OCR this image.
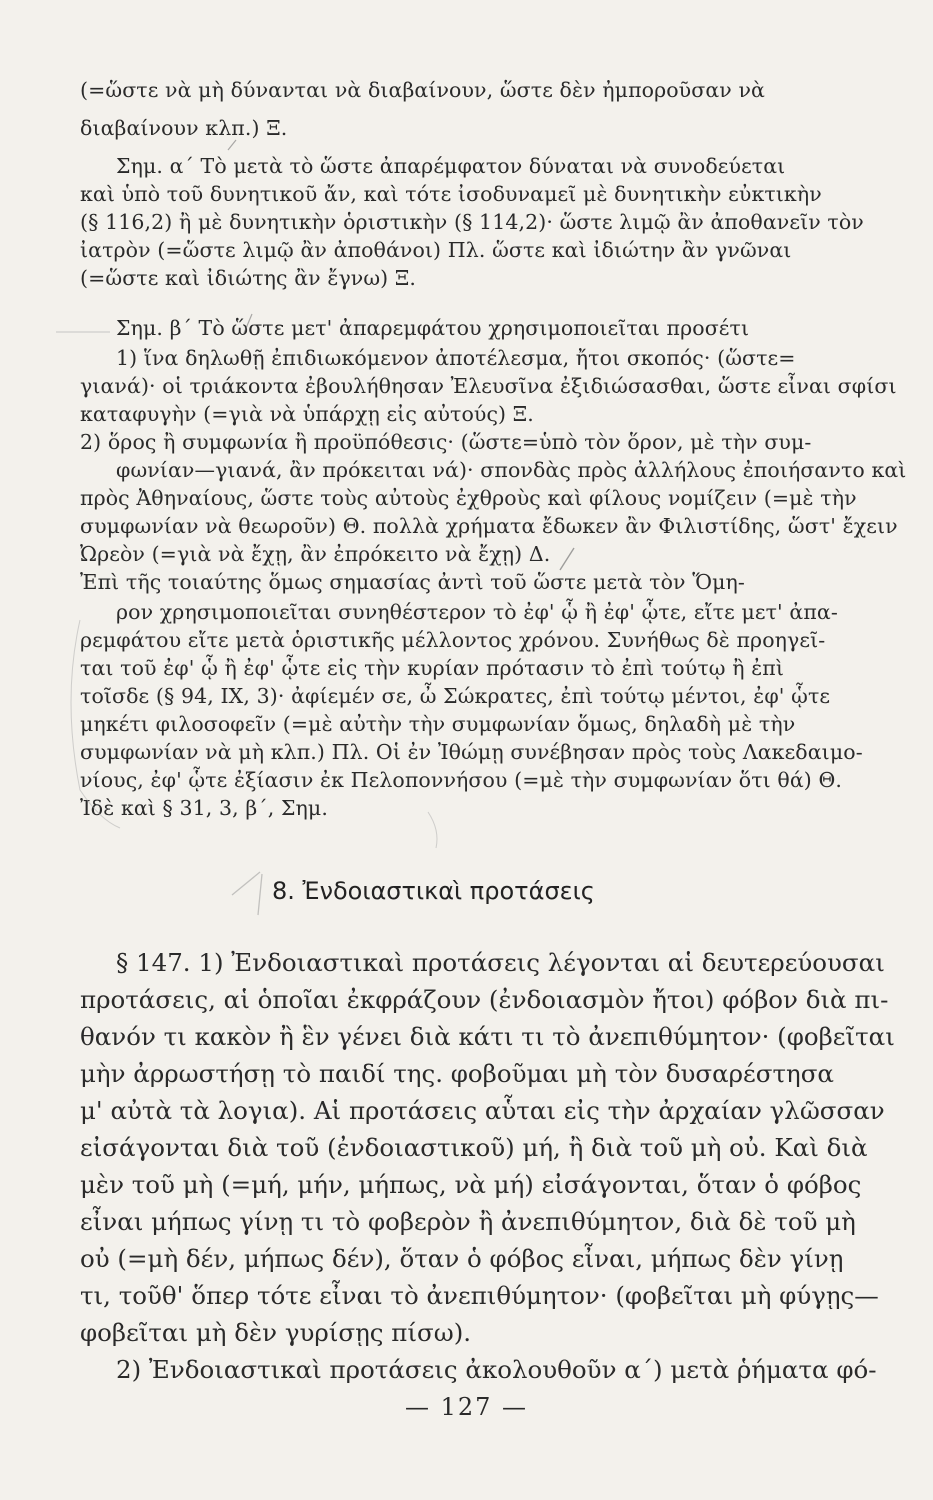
(=ὥστε νὰ μὴ δύνανται νὰ διαβαίνουν, ὥστε δὲν ἠμποροῦσαν νὰ
διαβαίνουν κλπ.) Ξ.
Σημ. α΄ Τὸ μετὰ τὸ ὥστε ἀπαρέμφατον δύναται νὰ συνοδεύεται
καὶ ὑπὸ τοῦ δυνητικοῦ ἄν, καὶ τότε ἰσοδυναμεῖ μὲ δυνητικὴν εὐκτικὴν
(§ 116,2) ἢ μὲ δυνητικὴν ὁριστικὴν (§ 114,2)· ὥστε λιμῷ ἂν ἀποθανεῖν τὸν
ἰατρὸν (=ὥστε λιμῷ ἂν ἀποθάνοι) Πλ. ὥστε καὶ ἰδιώτην ἂν γνῶναι
(=ὥστε καὶ ἰδιώτης ἂν ἔγνω) Ξ.
Σημ. β΄ Τὸ ὥστε μετ' ἀπαρεμφάτου χρησιμοποιεῖται προσέτι
1) ἵνα δηλωθῇ ἐπιδιωκόμενον ἀποτέλεσμα, ἤτοι σκοπός· (ὥστε=
γιανά)· οἱ τριάκοντα ἐβουλήθησαν Ἐλευσῖνα ἐξιδιώσασθαι, ὥστε εἶναι σφίσι
καταφυγὴν (=γιὰ νὰ ὑπάρχῃ εἰς αὐτούς) Ξ.
2) ὅρος ἢ συμφωνία ἢ προϋπόθεσις· (ὥστε=ὑπὸ τὸν ὅρον, μὲ τὴν συμ-
φωνίαν—γιανά, ἂν πρόκειται νά)· σπονδὰς πρὸς ἀλλήλους ἐποιήσαντο καὶ
πρὸς Ἀθηναίους, ὥστε τοὺς αὐτοὺς ἐχθροὺς καὶ φίλους νομίζειν (=μὲ τὴν
συμφωνίαν νὰ θεωροῦν) Θ. πολλὰ χρήματα ἔδωκεν ἂν Φιλιστίδης, ὥστ' ἔχειν
Ὠρεὸν (=γιὰ νὰ ἔχῃ, ἂν ἐπρόκειτο νὰ ἔχῃ) Δ.
Ἐπὶ τῆς τοιαύτης ὅμως σημασίας ἀντὶ τοῦ ὥστε μετὰ τὸν Ὅμη-
ρον χρησιμοποιεῖται συνηθέστερον τὸ ἐφ' ᾧ ἢ ἐφ' ᾧτε, εἴτε μετ' ἀπα-
ρεμφάτου εἴτε μετὰ ὁριστικῆς μέλλοντος χρόνου. Συνήθως δὲ προηγεῖ-
ται τοῦ ἐφ' ᾧ ἢ ἐφ' ᾧτε εἰς τὴν κυρίαν πρότασιν τὸ ἐπὶ τούτῳ ἢ ἐπὶ
τοῖσδε (§ 94, IX, 3)· ἀφίεμέν σε, ὦ Σώκρατες, ἐπὶ τούτῳ μέντοι, ἐφ' ᾧτε
μηκέτι φιλοσοφεῖν (=μὲ αὐτὴν τὴν συμφωνίαν ὅμως, δηλαδὴ μὲ τὴν
συμφωνίαν νὰ μὴ κλπ.) Πλ. Οἱ ἐν Ἰθώμῃ συνέβησαν πρὸς τοὺς Λακεδαιμο-
νίους, ἐφ' ᾧτε ἐξίασιν ἐκ Πελοποννήσου (=μὲ τὴν συμφωνίαν ὅτι θά) Θ.
Ἰδὲ καὶ § 31, 3, β΄, Σημ.
8. Ἐνδοιαστικαὶ προτάσεις
§ 147. 1) Ἐνδοιαστικαὶ προτάσεις λέγονται αἱ δευτερεύουσαι
προτάσεις, αἱ ὁποῖαι ἐκφράζουν (ἐνδοιασμὸν ἤτοι) φόβον διὰ πι-
θανόν τι κακὸν ἢ ἓν γένει διὰ κάτι τι τὸ ἀνεπιθύμητον· (φοβεῖται
μὴν ἀρρωστήσῃ τὸ παιδί της. φοβοῦμαι μὴ τὸν δυσαρέστησα
μ' αὐτὰ τὰ λογια). Αἱ προτάσεις αὗται εἰς τὴν ἀρχαίαν γλῶσσαν
εἰσάγονται διὰ τοῦ (ἐνδοιαστικοῦ) μή, ἢ διὰ τοῦ μὴ οὐ. Καὶ διὰ
μὲν τοῦ μὴ (=μή, μήν, μήπως, νὰ μή) εἰσάγονται, ὅταν ὁ φόβος
εἶναι μήπως γίνῃ τι τὸ φοβερὸν ἢ ἀνεπιθύμητον, διὰ δὲ τοῦ μὴ
οὐ (=μὴ δέν, μήπως δέν), ὅταν ὁ φόβος εἶναι, μήπως δὲν γίνῃ
τι, τοῦθ' ὅπερ τότε εἶναι τὸ ἀνεπιθύμητον· (φοβεῖται μὴ φύγῃς—
φοβεῖται μὴ δὲν γυρίσῃς πίσω).
2) Ἐνδοιαστικαὶ προτάσεις ἀκολουθοῦν α΄) μετὰ ῥήματα φό-
— 127 —
